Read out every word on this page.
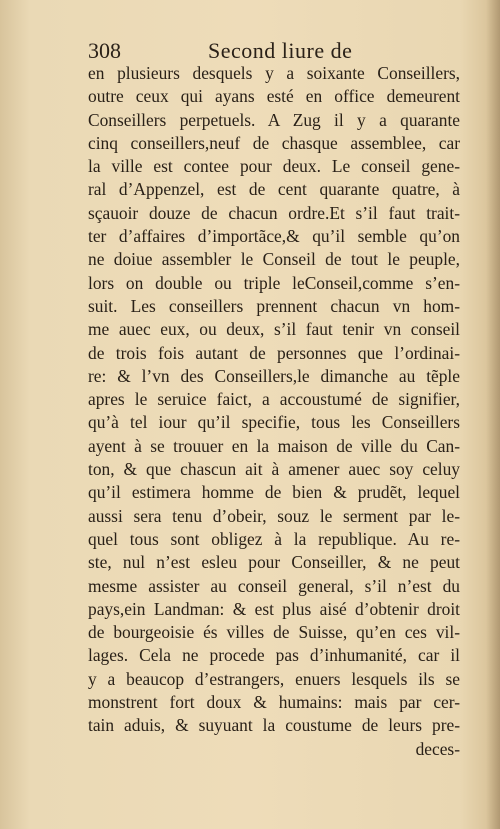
308	Second liure de
en plusieurs desquels y a soixante Conseillers,
outre ceux qui ayans esté en office demeurent
Conseillers perpetuels. A Zug il y a quarante
cinq conseillers,neuf de chasque assemblee, car
la ville est contee pour deux. Le conseil gene-
ral d’Appenzel, est de cent quarante quatre, à
sçauoir douze de chacun ordre.Et s’il faut trait-
ter d’affaires d’importãce,& qu’il semble qu’on
ne doiue assembler le Conseil de tout le peuple,
lors on double ou triple leConseil,comme s’en-
suit. Les conseillers prennent chacun vn hom-
me auec eux, ou deux, s’il faut tenir vn conseil
de trois fois autant de personnes que l’ordinai-
re: & l’vn des Conseillers,le dimanche au tẽple
apres le seruice faict, a accoustumé de signifier,
qu’à tel iour qu’il specifie, tous les Conseillers
ayent à se trouuer en la maison de ville du Can-
ton, & que chascun ait à amener auec soy celuy
qu’il estimera homme de bien & prudẽt, lequel
aussi sera tenu d’obeir, souz le serment par le-
quel tous sont obligez à la republique. Au re-
ste, nul n’est esleu pour Conseiller, & ne peut
mesme assister au conseil general, s’il n’est du
pays,ein Landman: & est plus aisé d’obtenir droit
de bourgeoisie és villes de Suisse, qu’en ces vil-
lages. Cela ne procede pas d’inhumanité, car il
y a beaucop d’estrangers, enuers lesquels ils se
monstrent fort doux & humains: mais par cer-
tain aduis, & suyuant la coustume de leurs pre-
deces-
